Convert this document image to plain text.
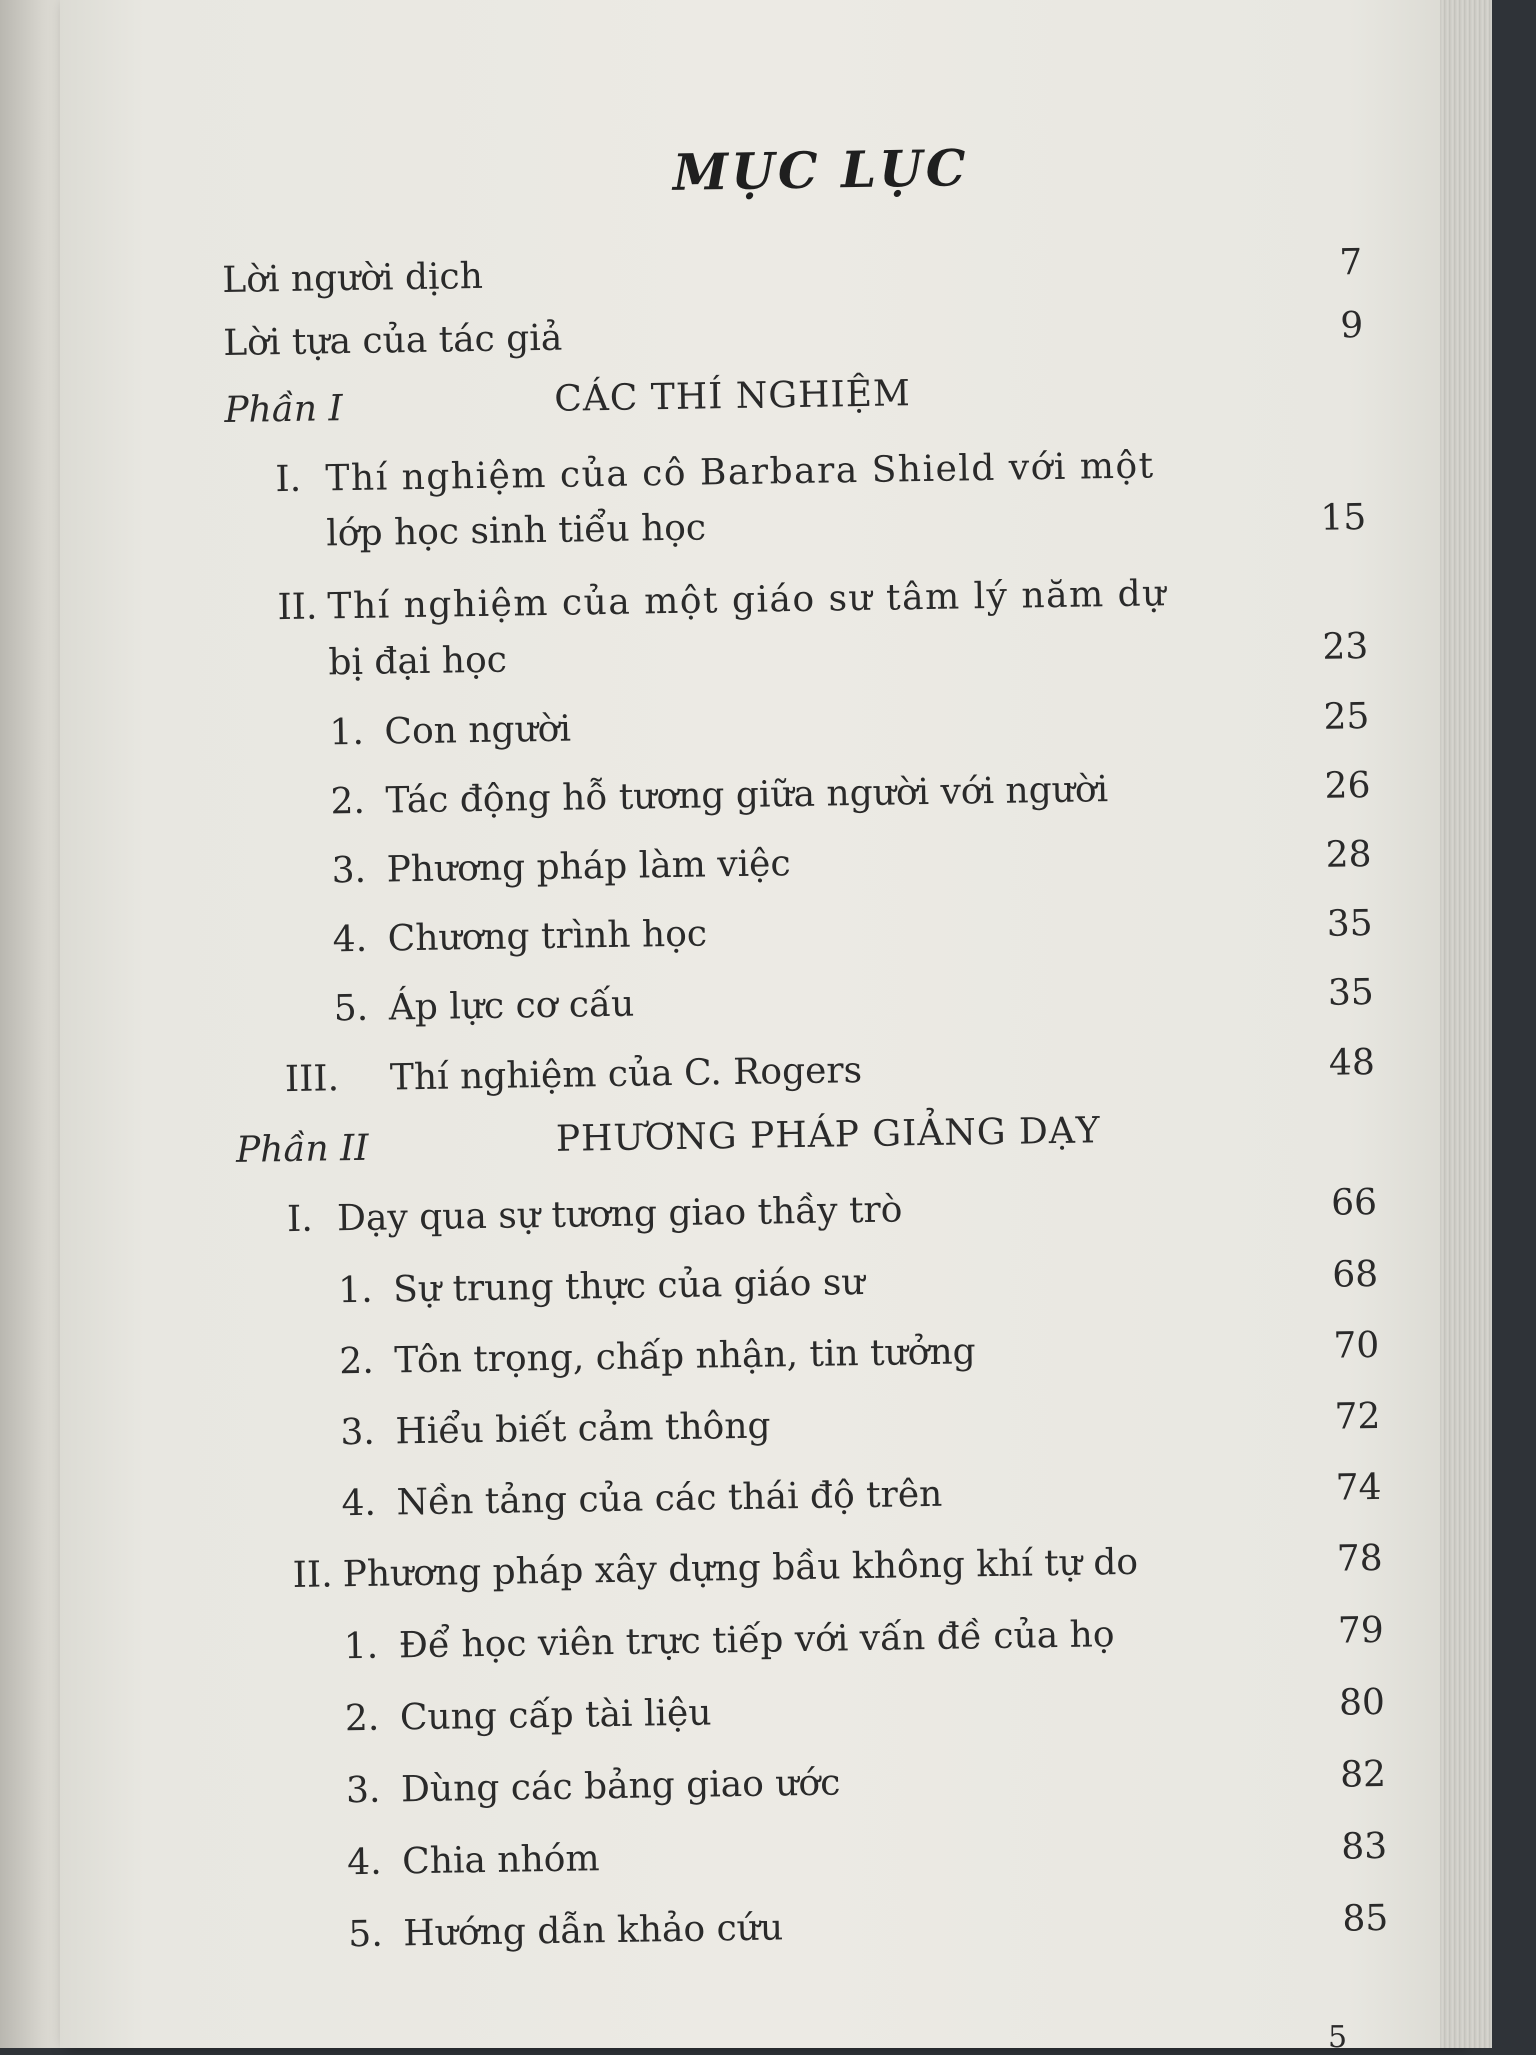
MỤC LỤC
Lời người dịch	7
Lời tựa của tác giả	9
Phần I	CÁC THÍ NGHIỆM
I. Thí nghiệm của cô Barbara Shield với một
lớp học sinh tiểu học	15
II. Thí nghiệm của một giáo sư tâm lý năm dự
bị đại học	23
1. Con người	25
2. Tác động hỗ tương giữa người với người	26
3. Phương pháp làm việc	28
4. Chương trình học	35
5. Áp lực cơ cấu	35
III. Thí nghiệm của C. Rogers	48
Phần II	PHƯƠNG PHÁP GIẢNG DẠY
I. Dạy qua sự tương giao thầy trò	66
1. Sự trung thực của giáo sư	68
2. Tôn trọng, chấp nhận, tin tưởng	70
3. Hiểu biết cảm thông	72
4. Nền tảng của các thái độ trên	74
II. Phương pháp xây dựng bầu không khí tự do	78
1. Để học viên trực tiếp với vấn đề của họ	79
2. Cung cấp tài liệu	80
3. Dùng các bảng giao ước	82
4. Chia nhóm	83
5. Hướng dẫn khảo cứu	85
5
